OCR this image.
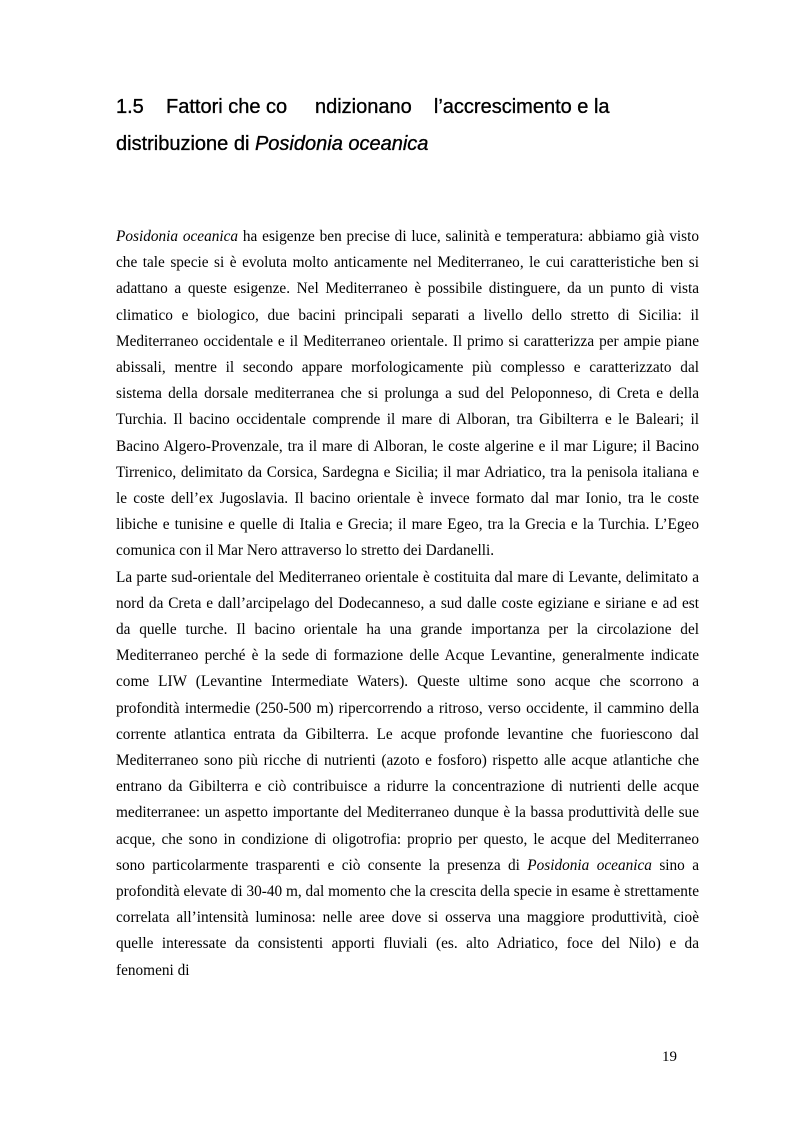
1.5 Fattori che co     ndizionano    l’accrescimento e la
distribuzione di Posidonia oceanica

Posidonia oceanica ha esigenze ben precise di luce, salinità e temperatura: abbiamo già visto che tale specie si è evoluta molto anticamente nel Mediterraneo, le cui caratteristiche ben si adattano a queste esigenze. Nel Mediterraneo è possibile distinguere, da un punto di vista climatico e biologico, due bacini principali separati a livello dello stretto di Sicilia: il Mediterraneo occidentale e il Mediterraneo orientale. Il primo si caratterizza per ampie piane abissali, mentre il secondo appare morfologicamente più complesso e caratterizzato dal sistema della dorsale mediterranea che si prolunga a sud del Peloponneso, di Creta e della Turchia. Il bacino occidentale comprende il mare di Alboran, tra Gibilterra e le Baleari; il Bacino Algero-Provenzale, tra il mare di Alboran, le coste algerine e il mar Ligure; il Bacino Tirrenico, delimitato da Corsica, Sardegna e Sicilia; il mar Adriatico, tra la penisola italiana e le coste dell’ex Jugoslavia. Il bacino orientale è invece formato dal mar Ionio, tra le coste libiche e tunisine e quelle di Italia e Grecia; il mare Egeo, tra la Grecia e la Turchia. L’Egeo comunica con il Mar Nero attraverso lo stretto dei Dardanelli.

La parte sud-orientale del Mediterraneo orientale è costituita dal mare di Levante, delimitato a nord da Creta e dall’arcipelago del Dodecanneso, a sud dalle coste egiziane e siriane e ad est da quelle turche. Il bacino orientale ha una grande importanza per la circolazione del Mediterraneo perché è la sede di formazione delle Acque Levantine, generalmente indicate come LIW (Levantine Intermediate Waters). Queste ultime sono acque che scorrono a profondità intermedie (250-500 m) ripercorrendo a ritroso, verso occidente, il cammino della corrente atlantica entrata da Gibilterra. Le acque profonde levantine che fuoriescono dal Mediterraneo sono più ricche di nutrienti (azoto e fosforo) rispetto alle acque atlantiche che entrano da Gibilterra e ciò contribuisce a ridurre la concentrazione di nutrienti delle acque mediterranee: un aspetto importante del Mediterraneo dunque è la bassa produttività delle sue acque, che sono in condizione di oligotrofia: proprio per questo, le acque del Mediterraneo sono particolarmente trasparenti e ciò consente la presenza di Posidonia oceanica sino a profondità elevate di 30-40 m, dal momento che la crescita della specie in esame è strettamente correlata all’intensità luminosa: nelle aree dove si osserva una maggiore produttività, cioè quelle interessate da consistenti apporti fluviali (es. alto Adriatico, foce del Nilo) e da fenomeni di

19
